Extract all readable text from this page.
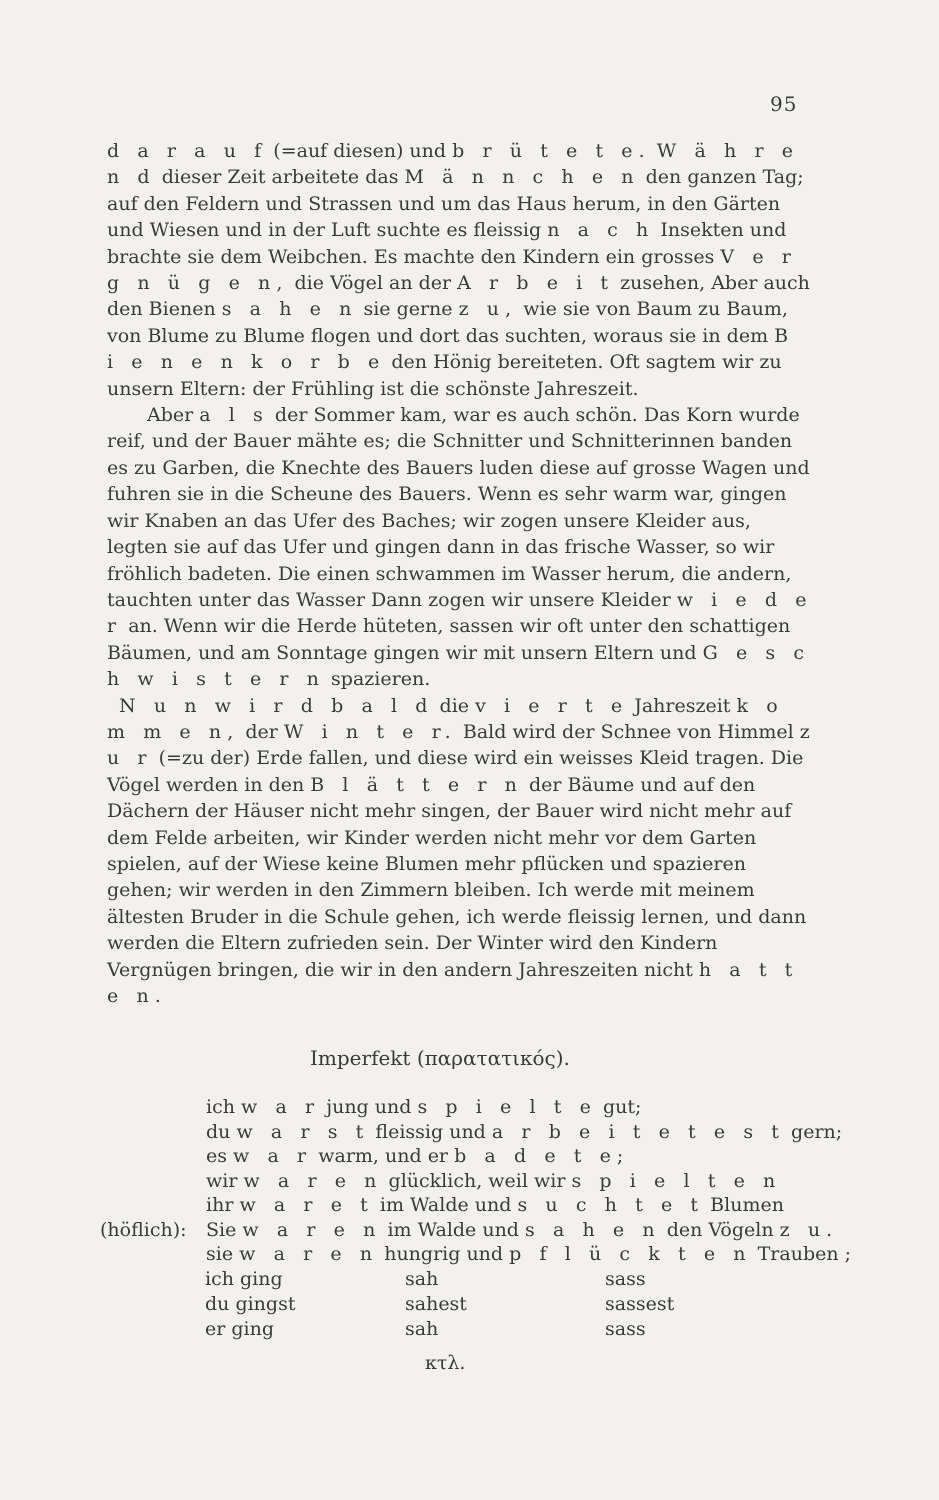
95

d a r a u f (=auf diesen) und b r ü t e t e. W ä h r e n d dieser Zeit arbeitete das M ä n n c h e n den ganzen Tag; auf den Feldern und Strassen und um das Haus herum, in den Gärten und Wiesen und in der Luft suchte es fleissig n a c h Insekten und brachte sie dem Weibchen. Es machte den Kindern ein grosses V e r g n ü g e n, die Vögel an der A r b e i t zusehen, Aber auch den Bienen s a h e n sie gerne z u, wie sie von Baum zu Baum, von Blume zu Blume flogen und dort das suchten, woraus sie in dem B i e n e n k o r b e den Hönig bereiteten. Oft sagtem wir zu unsern Eltern: der Frühling ist die schönste Jahreszeit.

Aber a l s der Sommer kam, war es auch schön. Das Korn wurde reif, und der Bauer mähte es; die Schnitter und Schnitterinnen banden es zu Garben, die Knechte des Bauers luden diese auf grosse Wagen und fuhren sie in die Scheune des Bauers. Wenn es sehr warm war, gingen wir Knaben an das Ufer des Baches; wir zogen unsere Kleider aus, legten sie auf das Ufer und gingen dann in das frische Wasser, so wir fröhlich badeten. Die einen schwammen im Wasser herum, die andern, tauchten unter das Wasser Dann zogen wir unsere Kleider w i e d e r an. Wenn wir die Herde hüteten, sassen wir oft unter den schattigen Bäumen, und am Sonntage gingen wir mit unsern Eltern und G e s c h w i s t e r n spazieren.

N u n w i r d b a l d die v i e r t e Jahreszeit k o m m e n, der W i n t e r. Bald wird der Schnee von Himmel z u r (=zu der) Erde fallen, und diese wird ein weisses Kleid tragen. Die Vögel werden in den B l ä t t e r n der Bäume und auf den Dächern der Häuser nicht mehr singen, der Bauer wird nicht mehr auf dem Felde arbeiten, wir Kinder werden nicht mehr vor dem Garten spielen, auf der Wiese keine Blumen mehr pflücken und spazieren gehen; wir werden in den Zimmern bleiben. Ich werde mit meinem ältesten Bruder in die Schule gehen, ich werde fleissig lernen, und dann werden die Eltern zufrieden sein. Der Winter wird den Kindern Vergnügen bringen, die wir in den andern Jahreszeiten nicht h a t t e n.

Imperfekt (παρατατικός).
ich w a r jung und s p i e l t e gut;
du w a r s t fleissig und a r b e i t e t e s t gern;
es w a r warm, und er b a d e t e;
wir w a r e n glücklich, weil wir s p i e l t e n
ihr w a r e t im Walde und s u c h t e t Blumen
(höflich): Sie w a r e n im Walde und s a h e n den Vögeln z u.
sie w a r e n hungrig und p f l ü c k t e n Trauben ;
ich ging	sah	sass
du gingst	sahest	sassest
er ging	sah	sass
κτλ.
